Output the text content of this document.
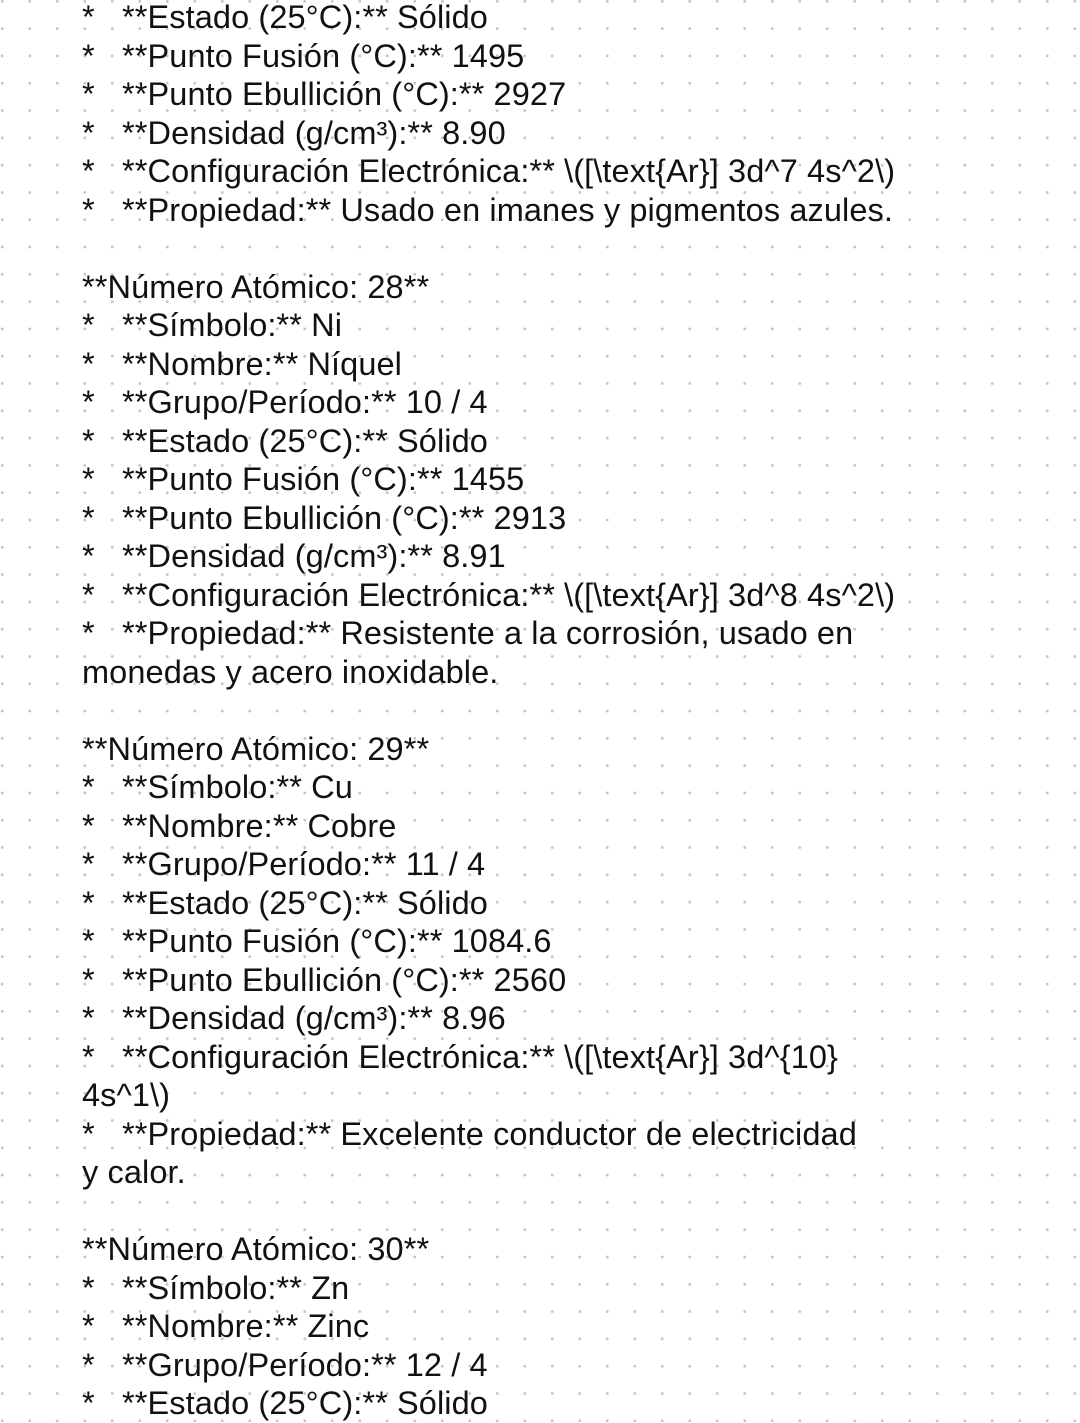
* **Estado (25°C):** Sólido
* **Punto Fusión (°C):** 1495
* **Punto Ebullición (°C):** 2927
* **Densidad (g/cm³):** 8.90
* **Configuración Electrónica:** \([\text{Ar}] 3d^7 4s^2\)
* **Propiedad:** Usado en imanes y pigmentos azules.
**Número Atómico: 28**
* **Símbolo:** Ni
* **Nombre:** Níquel
* **Grupo/Período:** 10 / 4
* **Estado (25°C):** Sólido
* **Punto Fusión (°C):** 1455
* **Punto Ebullición (°C):** 2913
* **Densidad (g/cm³):** 8.91
* **Configuración Electrónica:** \([\text{Ar}] 3d^8 4s^2\)
* **Propiedad:** Resistente a la corrosión, usado en
monedas y acero inoxidable.
**Número Atómico: 29**
* **Símbolo:** Cu
* **Nombre:** Cobre
* **Grupo/Período:** 11 / 4
* **Estado (25°C):** Sólido
* **Punto Fusión (°C):** 1084.6
* **Punto Ebullición (°C):** 2560
* **Densidad (g/cm³):** 8.96
* **Configuración Electrónica:** \([\text{Ar}] 3d^{10}
4s^1\)
* **Propiedad:** Excelente conductor de electricidad
y calor.
**Número Atómico: 30**
* **Símbolo:** Zn
* **Nombre:** Zinc
* **Grupo/Período:** 12 / 4
* **Estado (25°C):** Sólido
